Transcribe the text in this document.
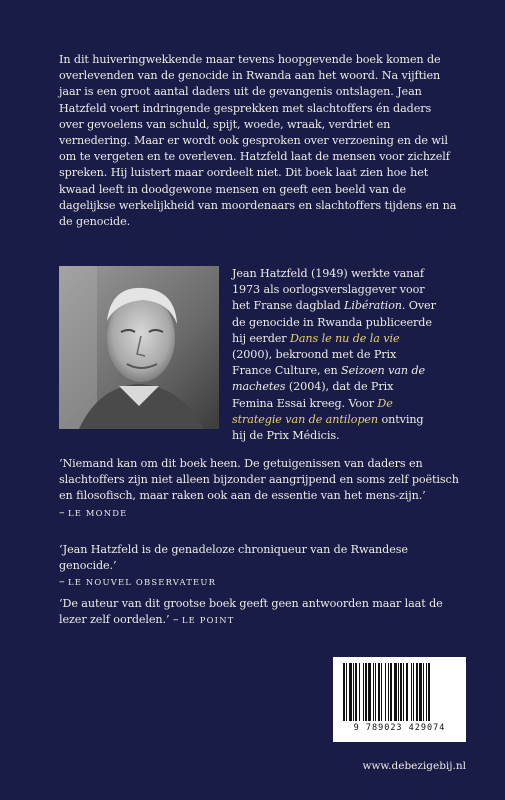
In dit huiveringwekkende maar tevens hoopgevende boek komen de overlevenden van de genocide in Rwanda aan het woord. Na vijftien jaar is een groot aantal daders uit de gevangenis ontslagen. Jean Hatzfeld voert indringende gesprekken met slachtoffers én daders over gevoelens van schuld, spijt, woede, wraak, verdriet en vernedering. Maar er wordt ook gesproken over verzoening en de wil om te vergeten en te overleven. Hatzfeld laat de mensen voor zichzelf spreken. Hij luistert maar oordeelt niet. Dit boek laat zien hoe het kwaad leeft in doodgewone mensen en geeft een beeld van de dagelijkse werkelijkheid van moordenaars en slachtoffers tijdens en na de genocide.

Jean Hatzfeld (1949) werkte vanaf 1973 als oorlogsverslaggever voor het Franse dagblad Libération. Over de genocide in Rwanda publiceerde hij eerder Dans le nu de la vie (2000), bekroond met de Prix France Culture, en Seizoen van de machetes (2004), dat de Prix Femina Essai kreeg. Voor De strategie van de antilopen ontving hij de Prix Médicis.

‘Niemand kan om dit boek heen. De getuigenissen van daders en slachtoffers zijn niet alleen bijzonder aangrijpend en soms zelf poëtisch en filosofisch, maar raken ook aan de essentie van het mens-zijn.’
– LE MONDE

‘Jean Hatzfeld is de genadeloze chroniqueur van de Rwandese genocide.’
– LE NOUVEL OBSERVATEUR

‘De auteur van dit grootse boek geeft geen antwoorden maar laat de lezer zelf oordelen.’ – LE POINT

9 789023 429074
www.debezigebij.nl
